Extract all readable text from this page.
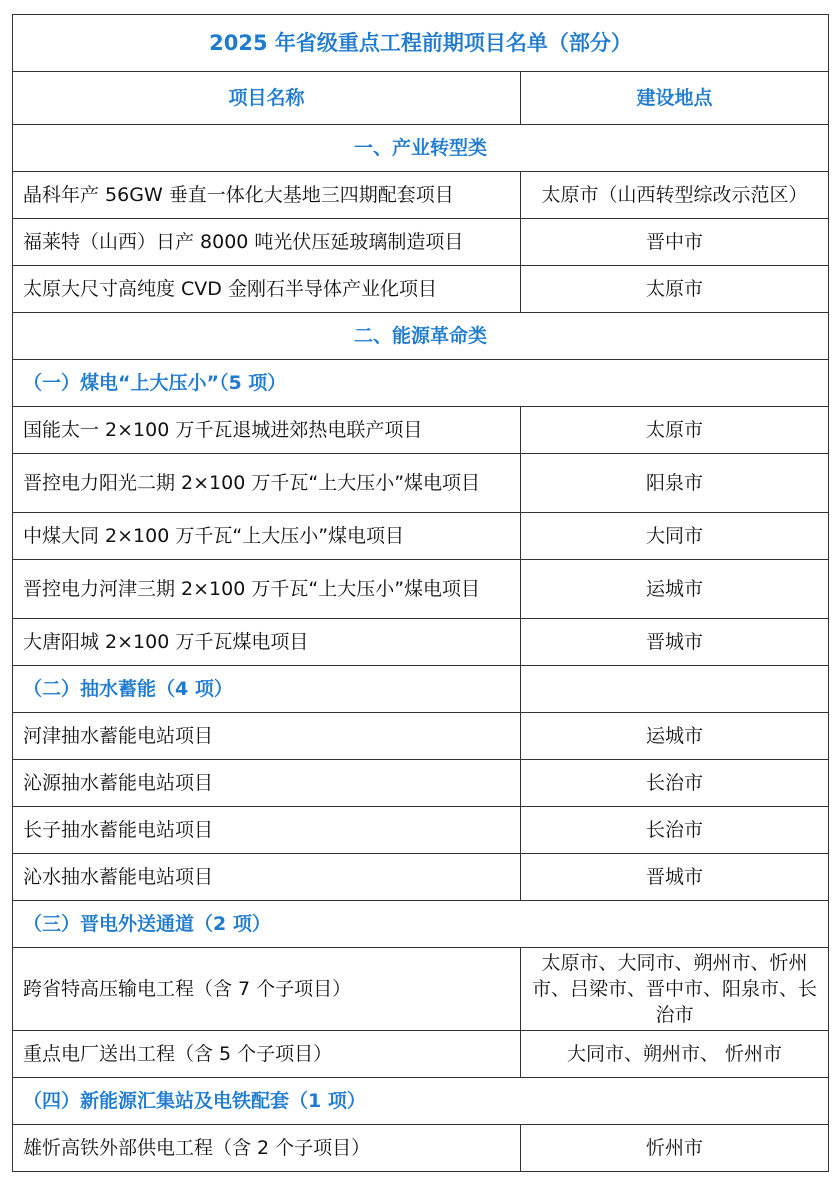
2025 年省级重点工程前期项目名单（部分）	
项目名称	建设地点
一、产业转型类	
晶科年产 56GW 垂直一体化大基地三四期配套项目	太原市（山西转型综改示范区）
福莱特（山西）日产 8000 吨光伏压延玻璃制造项目	晋中市
太原大尺寸高纯度 CVD 金刚石半导体产业化项目	太原市
二、能源革命类	
（一）煤电“上大压小”（5 项）	
国能太一 2×100 万千瓦退城进郊热电联产项目	太原市
晋控电力阳光二期 2×100 万千瓦“上大压小”煤电项目	阳泉市
中煤大同 2×100 万千瓦“上大压小”煤电项目	大同市
晋控电力河津三期 2×100 万千瓦“上大压小”煤电项目	运城市
大唐阳城 2×100 万千瓦煤电项目	晋城市
（二）抽水蓄能（4 项）	
河津抽水蓄能电站项目	运城市
沁源抽水蓄能电站项目	长治市
长子抽水蓄能电站项目	长治市
沁水抽水蓄能电站项目	晋城市
（三）晋电外送通道（2 项）	
跨省特高压输电工程（含 7 个子项目）	太原市、大同市、朔州市、忻州市、吕梁市、晋中市、阳泉市、长治市
重点电厂送出工程（含 5 个子项目）	大同市、朔州市、 忻州市
（四）新能源汇集站及电铁配套（1 项）	
雄忻高铁外部供电工程（含 2 个子项目）	忻州市
